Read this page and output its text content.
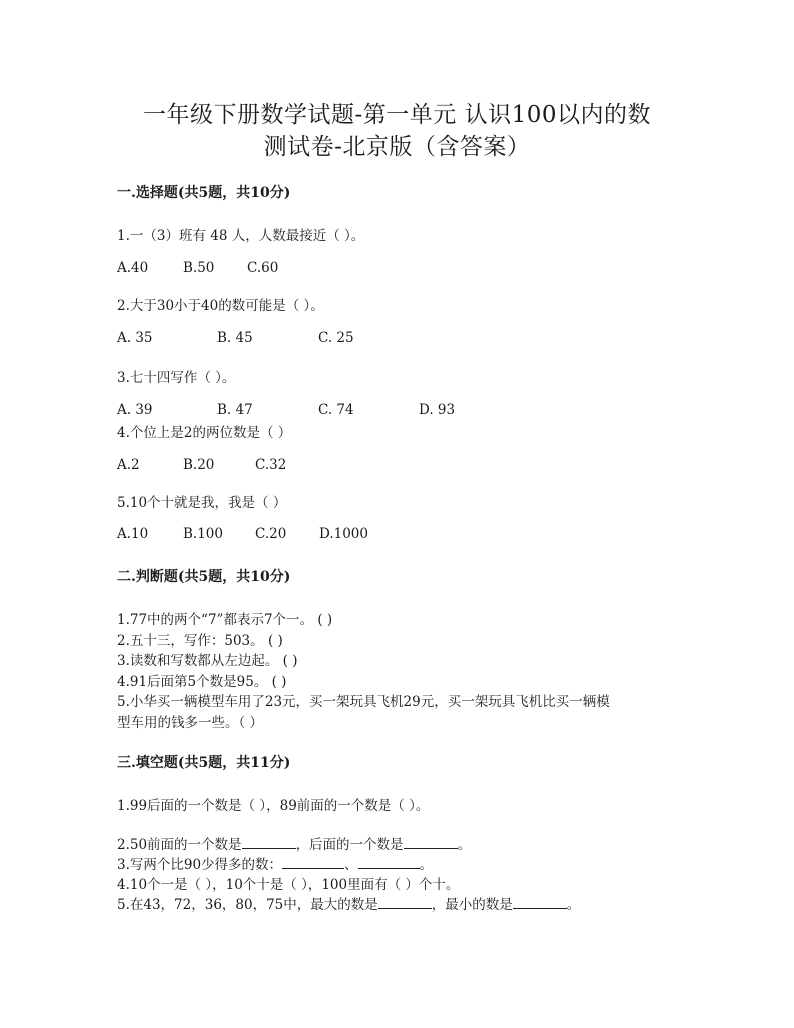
一年级下册数学试题-第一单元 认识100以内的数
测试卷-北京版（含答案）
一.选择题(共5题，共10分)
1.一（3）班有 48 人，人数最接近（ ）。
A.40	B.50 C.60
2.大于30小于40的数可能是（ ）。
A. 35	B. 45	C. 25
3.七十四写作（ ）。
A. 39	B. 47	C. 74	D. 93
4.个位上是2的两位数是（ ）
A.2	B.20	C.32
5.10个十就是我，我是（ ）
A.10	B.100 C.20 D.1000
二.判断题(共5题，共10分)
1.77中的两个“7”都表示7个一。 ( )
2.五十三，写作：503。 ( )
3.读数和写数都从左边起。 ( )
4.91后面第5个数是95。 ( )
5.小华买一辆模型车用了23元，买一架玩具飞机29元，买一架玩具飞机比买一辆模
型车用的钱多一些。（ ）
三.填空题(共5题，共11分)
1.99后面的一个数是（ ），89前面的一个数是（ ）。
2.50前面的一个数是	，后面的一个数是	。
3.写两个比90少得多的数：	、	。
4.10个一是（ ），10个十是（ ），100里面有（ ）个十。
5.在43，72，36，80，75中，最大的数是	，最小的数是	。
